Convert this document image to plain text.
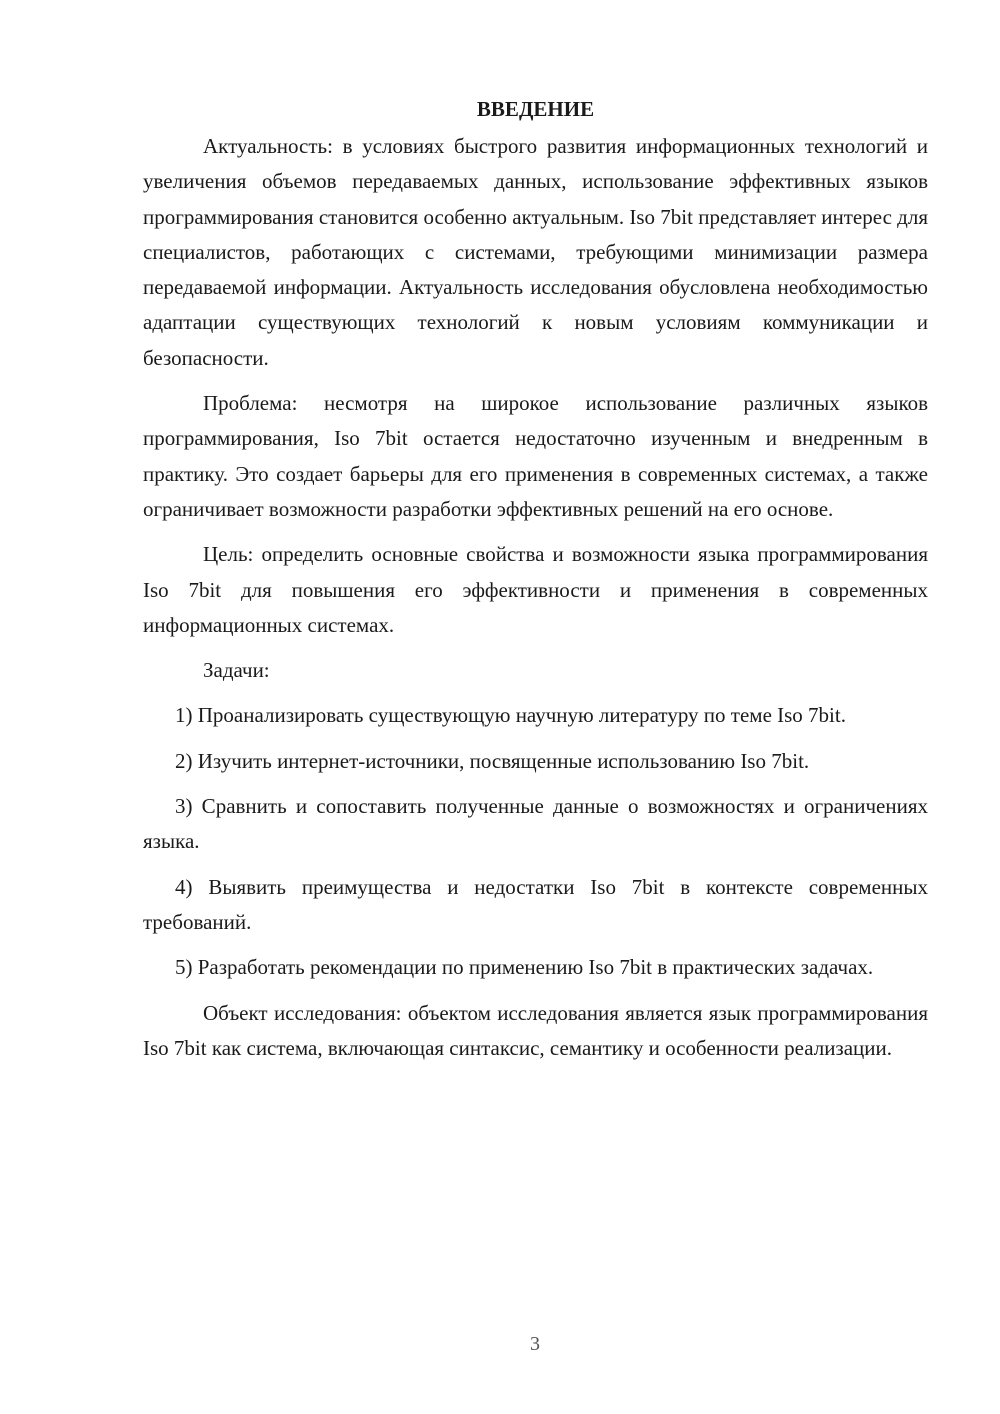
ВВЕДЕНИЕ

Актуальность: в условиях быстрого развития информационных технологий и увеличения объемов передаваемых данных, использование эффективных языков программирования становится особенно актуальным. Iso 7bit представляет интерес для специалистов, работающих с системами, требующими минимизации размера передаваемой информации. Актуальность исследования обусловлена необходимостью адаптации существующих технологий к новым условиям коммуникации и безопасности.

Проблема: несмотря на широкое использование различных языков программирования, Iso 7bit остается недостаточно изученным и внедренным в практику. Это создает барьеры для его применения в современных системах, а также ограничивает возможности разработки эффективных решений на его основе.

Цель: определить основные свойства и возможности языка программирования Iso 7bit для повышения его эффективности и применения в современных информационных системах.

Задачи:

1) Проанализировать существующую научную литературу по теме Iso 7bit.

2) Изучить интернет-источники, посвященные использованию Iso 7bit.

3) Сравнить и сопоставить полученные данные о возможностях и ограничениях языка.

4) Выявить преимущества и недостатки Iso 7bit в контексте современных требований.

5) Разработать рекомендации по применению Iso 7bit в практических задачах.

Объект исследования: объектом исследования является язык программирования Iso 7bit как система, включающая синтаксис, семантику и особенности реализации.

3
